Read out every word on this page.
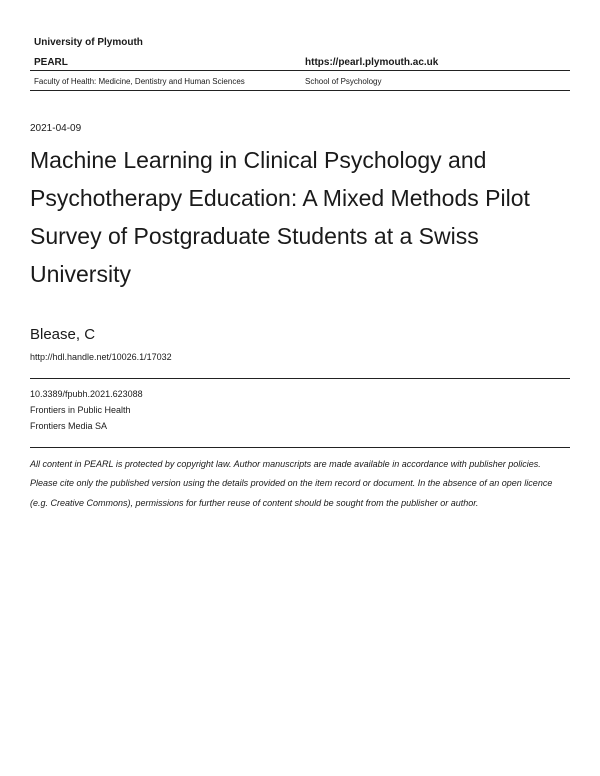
University of Plymouth
PEARL	https://pearl.plymouth.ac.uk
Faculty of Health: Medicine, Dentistry and Human Sciences	School of Psychology
2021-04-09
Machine Learning in Clinical Psychology and Psychotherapy Education: A Mixed Methods Pilot Survey of Postgraduate Students at a Swiss University
Blease, C
http://hdl.handle.net/10026.1/17032
10.3389/fpubh.2021.623088
Frontiers in Public Health
Frontiers Media SA
All content in PEARL is protected by copyright law. Author manuscripts are made available in accordance with publisher policies. Please cite only the published version using the details provided on the item record or document. In the absence of an open licence (e.g. Creative Commons), permissions for further reuse of content should be sought from the publisher or author.
